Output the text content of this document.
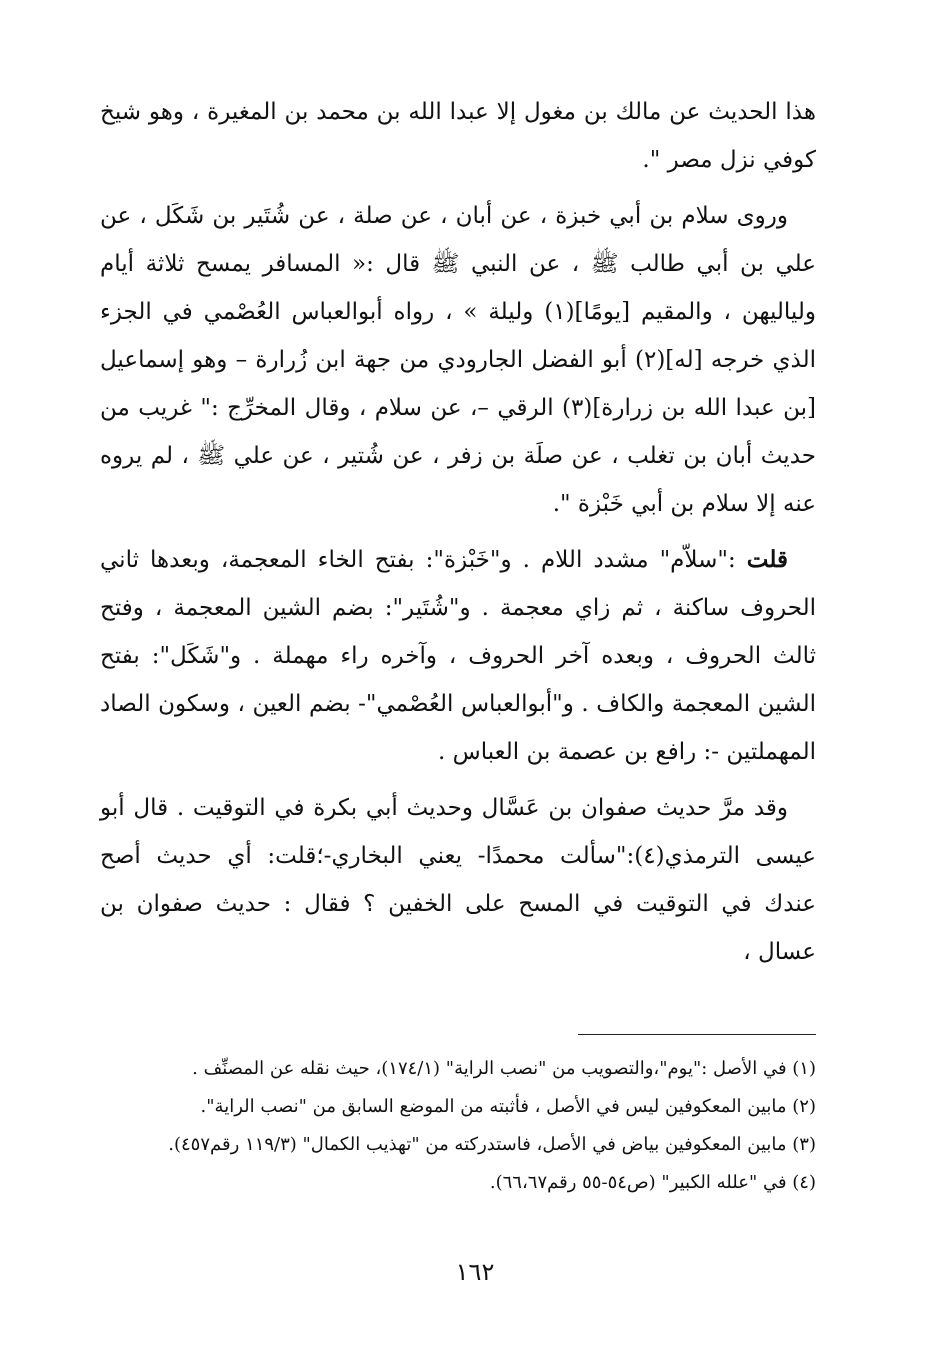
هذا الحديث عن مالك بن مغول إلا عبدا الله بن محمد بن المغيرة ، وهو شيخ كوفي نزل مصر ".

وروى سلام بن أبي خبزة ، عن أبان ، عن صلة ، عن شُتَير بن شَكَل ، عن علي بن أبي طالب ﷺ ، عن النبي ﷺ قال :« المسافر يمسح ثلاثة أيام ولياليهن ، والمقيم [يومًا](١) وليلة » ، رواه أبوالعباس العُصْمي في الجزء الذي خرجه [له](٢) أبو الفضل الجارودي من جهة ابن زُرارة – وهو إسماعيل [بن عبدا الله بن زرارة](٣) الرقي –، عن سلام ، وقال المخرِّج :" غريب من حديث أبان بن تغلب ، عن صلَة بن زفر ، عن شُتير ، عن علي ﷺ ، لم يروه عنه إلا سلام بن أبي خَبْزة ".

قلت :"سلاّم" مشدد اللام . و"خَبْزة": بفتح الخاء المعجمة، وبعدها ثاني الحروف ساكنة ، ثم زاي معجمة . و"شُتَير": بضم الشين المعجمة ، وفتح ثالث الحروف ، وبعده آخر الحروف ، وآخره راء مهملة . و"شَكَل": بفتح الشين المعجمة والكاف . و"أبوالعباس العُصْمي"- بضم العين ، وسكون الصاد المهملتين -: رافع بن عصمة بن العباس .

وقد مرَّ حديث صفوان بن عَسَّال وحديث أبي بكرة في التوقيت . قال أبو عيسى الترمذي(٤):"سألت محمدًا- يعني البخاري-؛قلت: أي حديث أصح عندك في التوقيت في المسح على الخفين ؟ فقال : حديث صفوان بن عسال ،

(١) في الأصل :"يوم"،والتصويب من "نصب الراية" (١٧٤/١)، حيث نقله عن المصنِّف .

(٢) مابين المعكوفين ليس في الأصل ، فأثبته من الموضع السابق من "نصب الراية".

(٣) مابين المعكوفين بياض في الأصل، فاستدركته من "تهذيب الكمال" (١١٩/٣ رقم٤٥٧).

(٤) في "علله الكبير" (ص٥٤-٥٥ رقم٦٦،٦٧).

١٦٢
